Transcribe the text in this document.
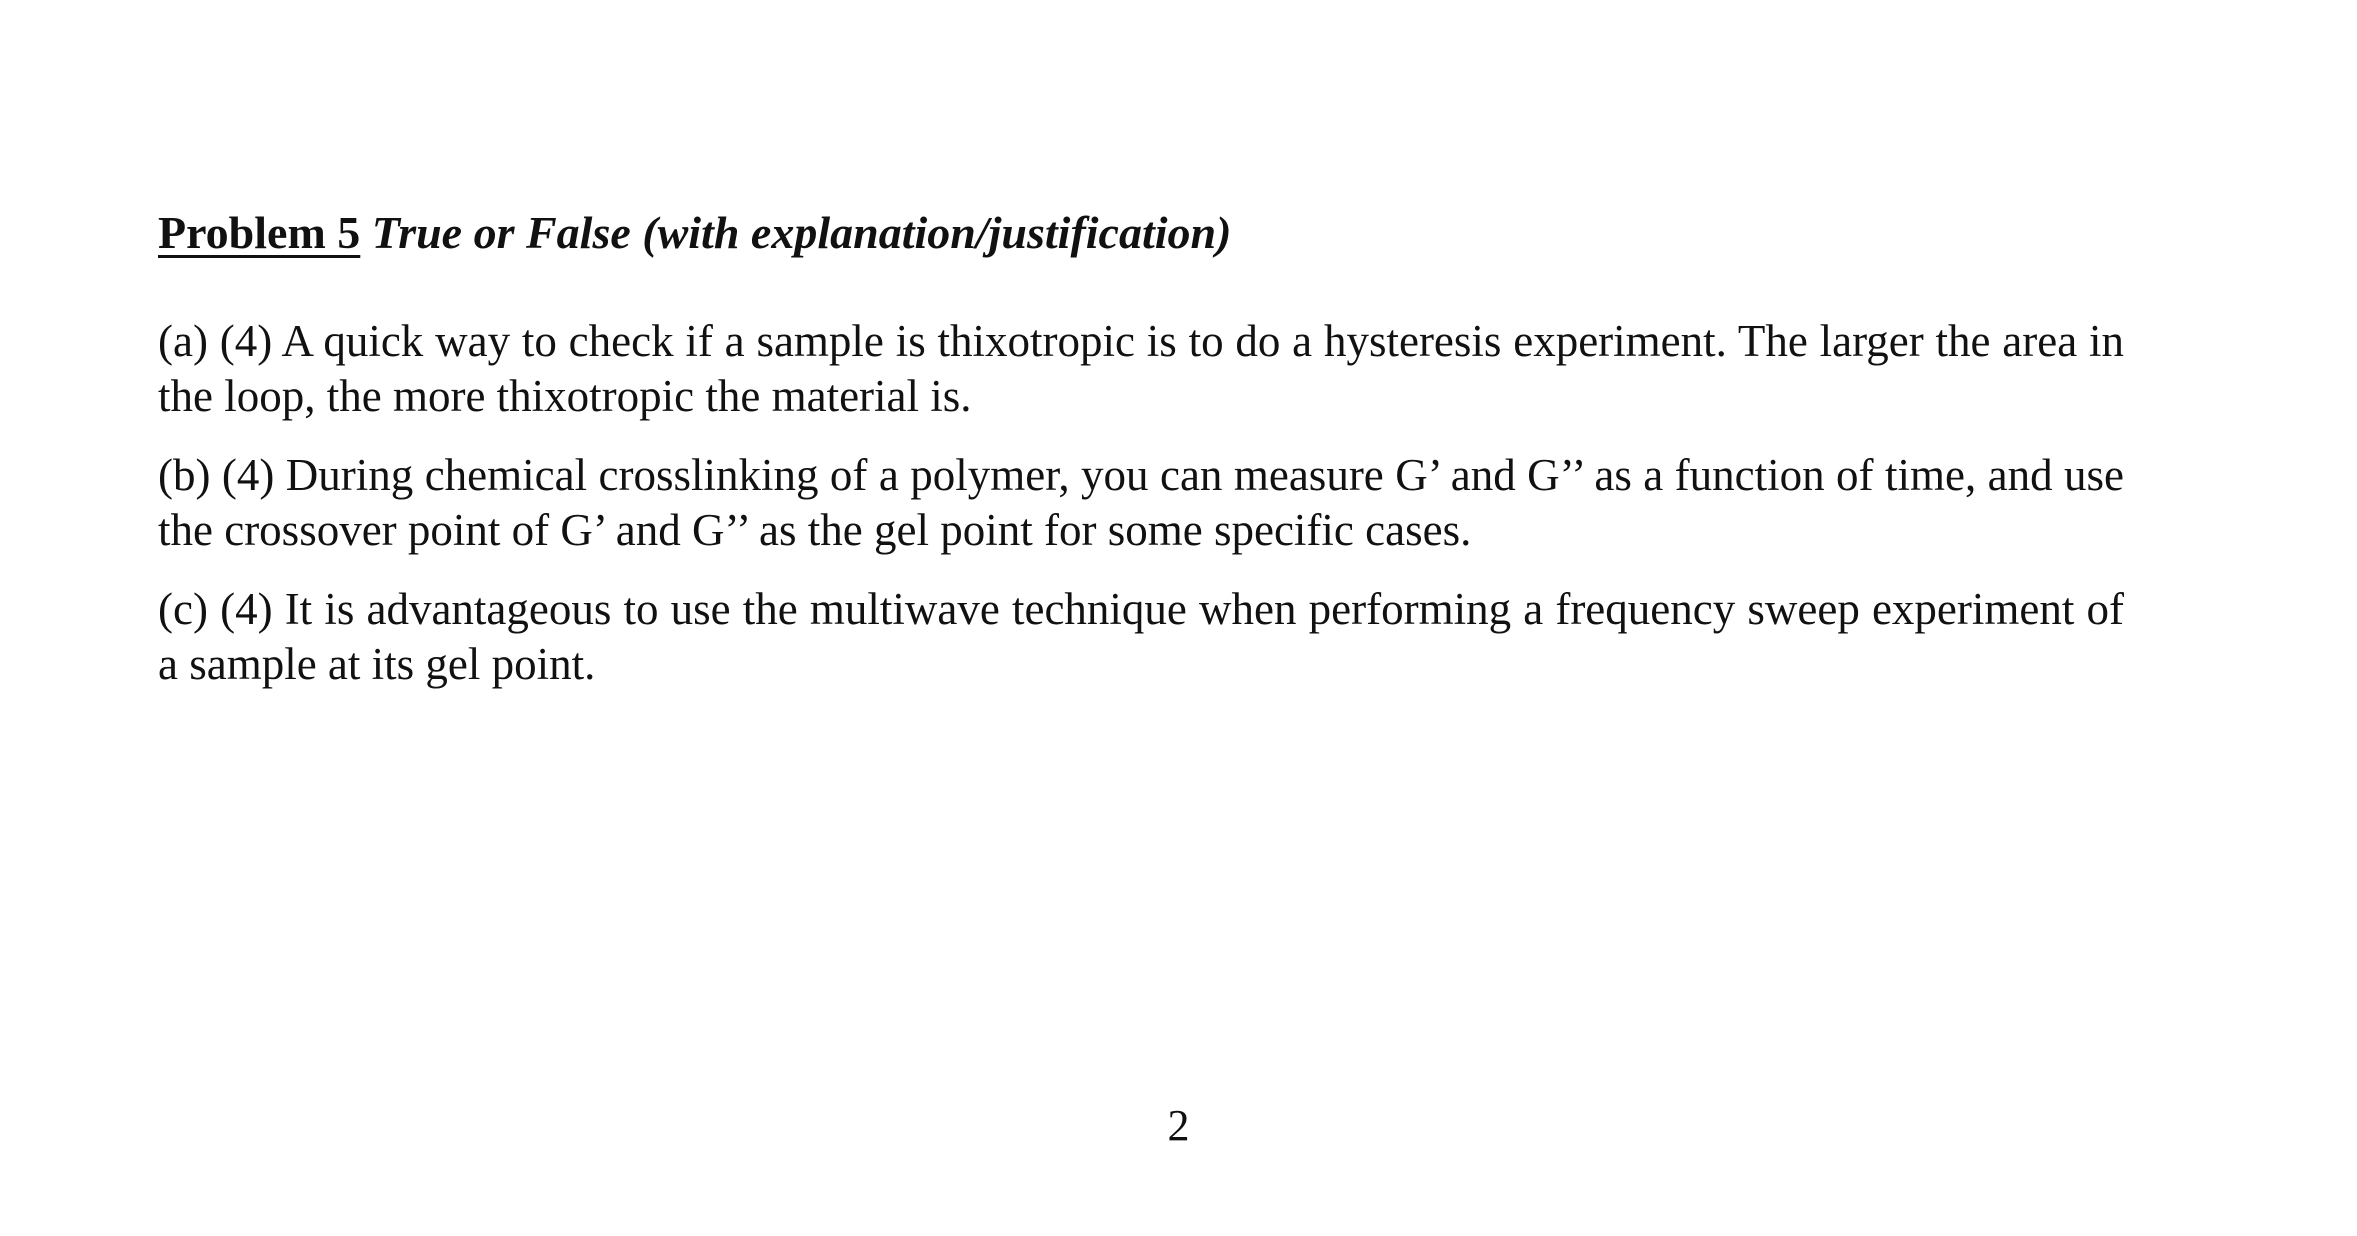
Problem 5 True or False (with explanation/justification)

(a) (4) A quick way to check if a sample is thixotropic is to do a hysteresis experiment. The larger the area in the loop, the more thixotropic the material is.

(b) (4) During chemical crosslinking of a polymer, you can measure G’ and G’’ as a function of time, and use the crossover point of G’ and G’’ as the gel point for some specific cases.

(c) (4) It is advantageous to use the multiwave technique when performing a frequency sweep experiment of a sample at its gel point.

2
